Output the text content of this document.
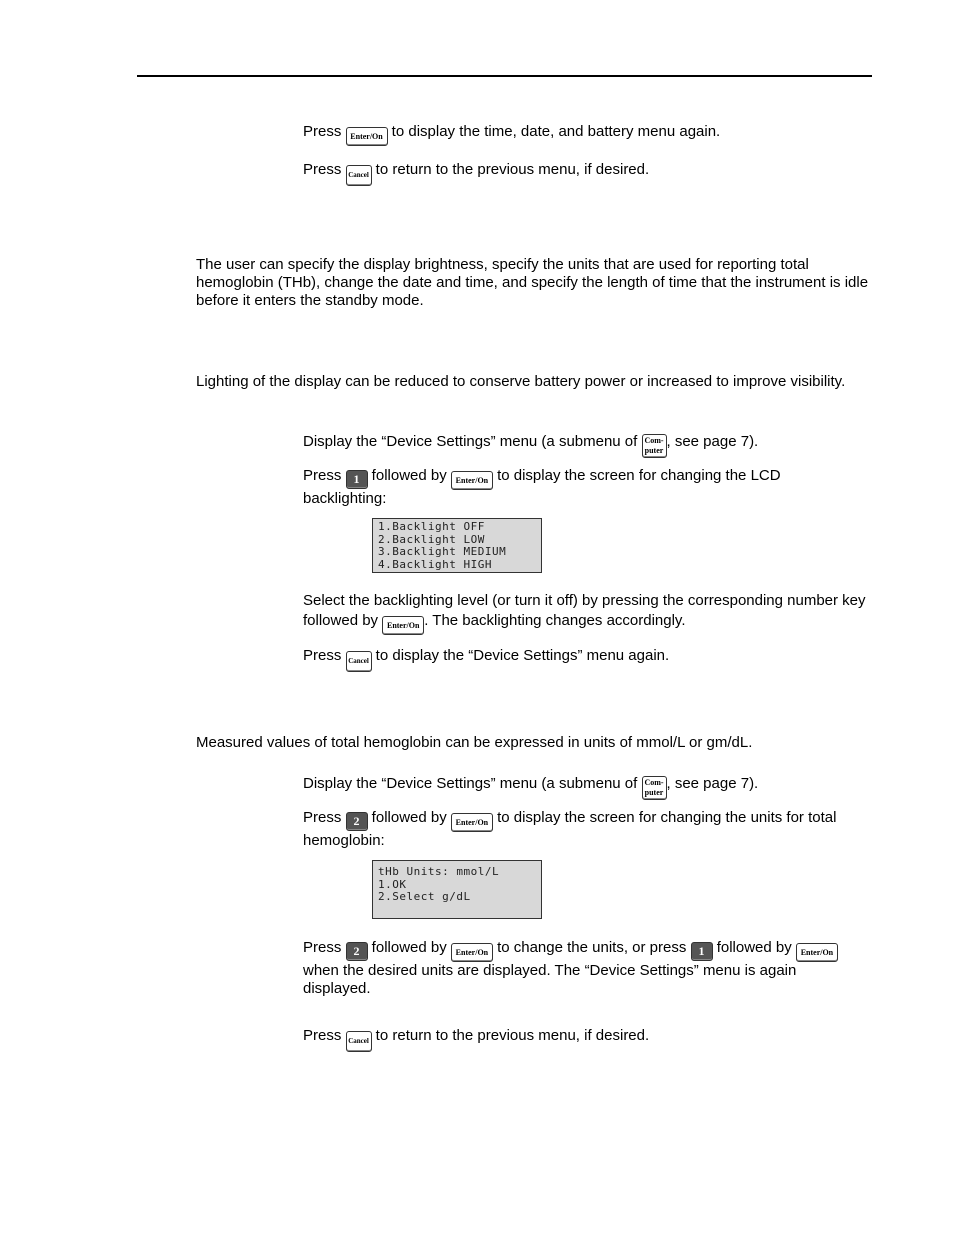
Press Enter/On to display the time, date, and battery menu again.

Press Cancel to return to the previous menu, if desired.

The user can specify the display brightness, specify the units that are used for reporting total hemoglobin (THb), change the date and time, and specify the length of time that the instrument is idle before it enters the standby mode.

Lighting of the display can be reduced to conserve battery power or increased to improve visibility.

Display the “Device Settings” menu (a submenu of Com-
puter, see page 7).

Press 1 followed by Enter/On to display the screen for changing the LCD backlighting:

1.Backlight OFF
2.Backlight LOW
3.Backlight MEDIUM
4.Backlight HIGH

Select the backlighting level (or turn it off) by pressing the corresponding number key followed by Enter/On . The backlighting changes accordingly.

Press Cancel to display the “Device Settings” menu again.

Measured values of total hemoglobin can be expressed in units of mmol/L or gm/dL.

Display the “Device Settings” menu (a submenu of Com-
puter, see page 7).

Press 2 followed by Enter/On to display the screen for changing the units for total hemoglobin:

tHb Units: mmol/L
1.OK
2.Select g/dL

Press 2 followed by Enter/On to change the units, or press 1 followed by Enter/On when the desired units are displayed. The “Device Settings” menu is again displayed.

Press Cancel to return to the previous menu, if desired.
